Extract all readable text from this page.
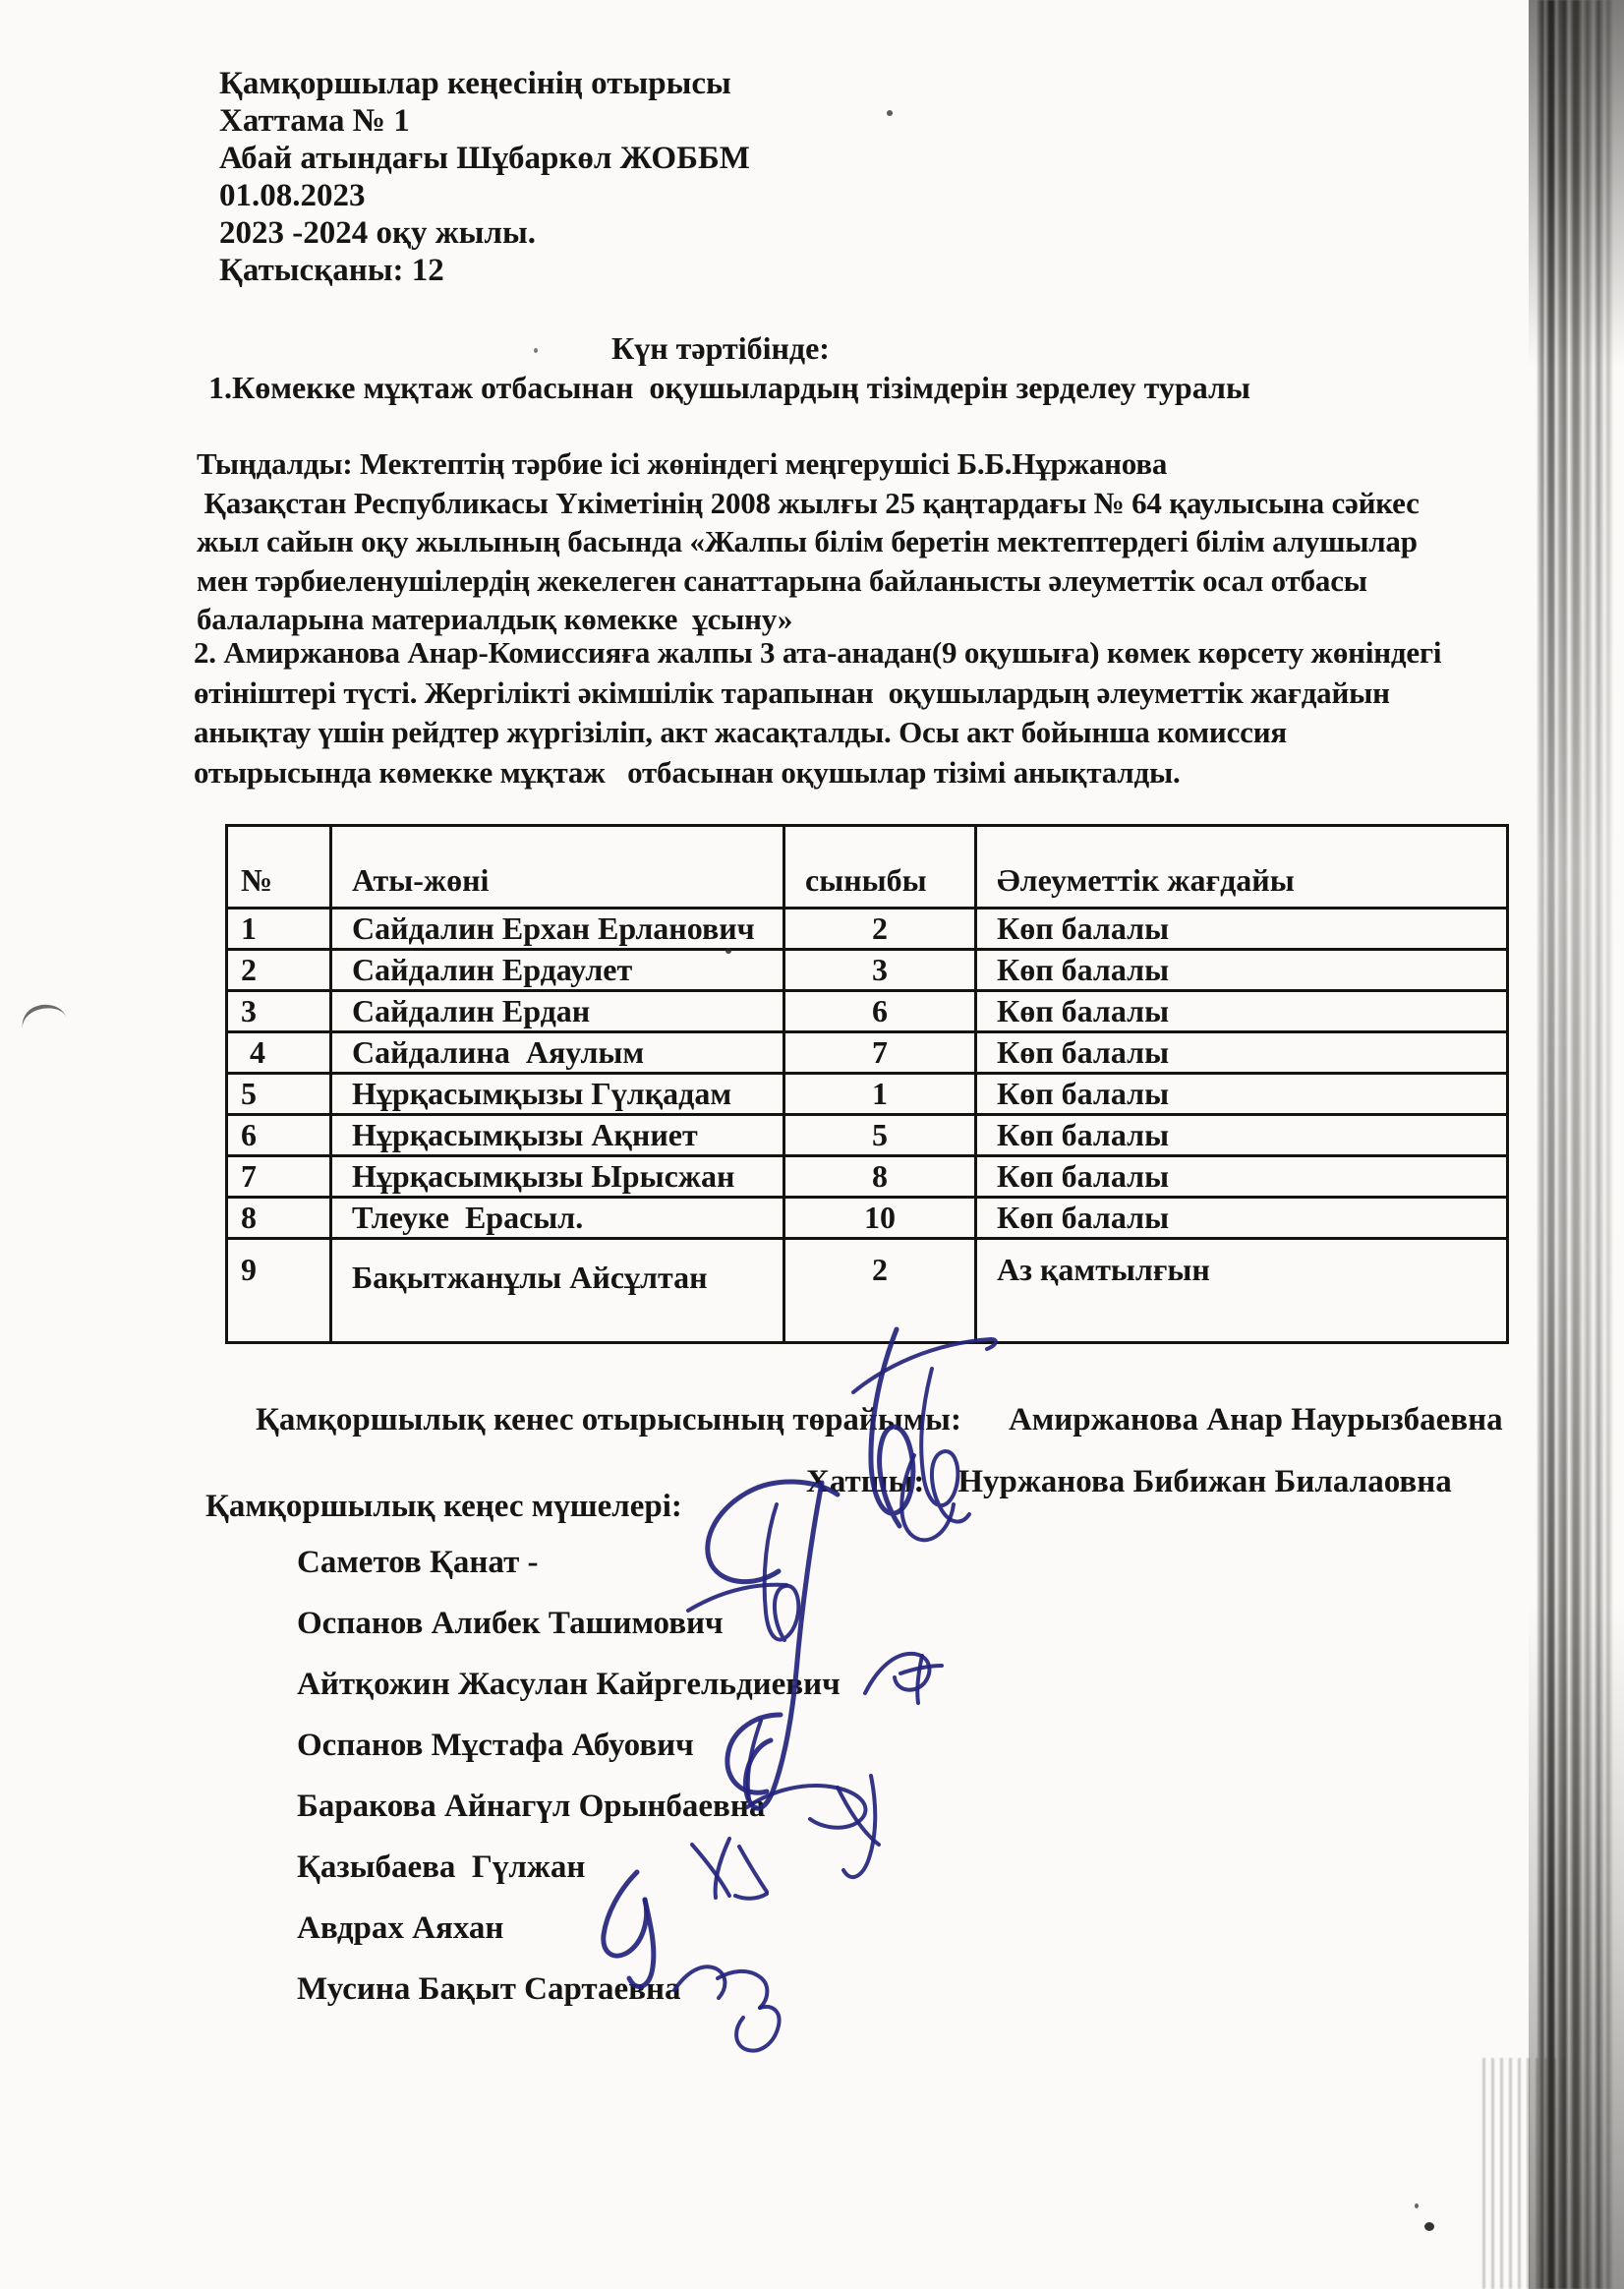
Қамқоршылар кеңесінің отырысы
Хаттама № 1
Абай атындағы Шұбаркөл ЖОББМ
01.08.2023
2023 -2024 оқу жылы.
Қатысқаны: 12
Күн тәртібінде:
1.Көмекке мұқтаж отбасынан  оқушылардың тізімдерін зерделеу туралы
Тыңдалды: Мектептің тәрбие ісі жөніндегі меңгерушісі Б.Б.Нұржанова
Қазақстан Республикасы Үкіметінің 2008 жылғы 25 қаңтардағы № 64 қаулысына сәйкес
жыл сайын оқу жылының басында «Жалпы білім беретін мектептердегі білім алушылар
мен тәрбиеленушілердің жекелеген санаттарына байланысты әлеуметтік осал отбасы
балаларына материалдық көмекке  ұсыну»
2. Амиржанова Анар-Комиссияға жалпы 3 ата-анадан(9 оқушыға) көмек көрсету жөніндегі
өтініштері түсті. Жергілікті әкімшілік тарапынан  оқушылардың әлеуметтік жағдайын
анықтау үшін рейдтер жүргізіліп, акт жасақталды. Осы акт бойынша комиссия
отырысында көмекке мұқтаж   отбасынан оқушылар тізімі анықталды.
№	Аты-жөні	сыныбы	Әлеуметтік жағдайы
1	Сайдалин Ерхан Ерланович	2	Көп балалы
2	Сайдалин Ердаулет	3	Көп балалы
3	Сайдалин Ердан	6	Көп балалы
4	Сайдалина  Аяулым	7	Көп балалы
5	Нұрқасымқызы Гүлқадам	1	Көп балалы
6	Нұрқасымқызы Ақниет	5	Көп балалы
7	Нұрқасымқызы Ырысжан	8	Көп балалы
8	Тлеуке  Ерасыл.	10	Көп балалы
9	Бақытжанұлы Айсұлтан	2	Аз қамтылғын

Қамқоршылық кенес отырысының төрайымы: Амиржанова Анар Наурызбаевна

Хатшы: Нуржанова Бибижан Билалаовна

Қамқоршылық кеңес мүшелері:
Саметов Қанат -
Оспанов Алибек Ташимович
Айтқожин Жасулан Кайргельдиевич
Оспанов Мұстафа Абуович
Баракова Айнагүл Орынбаевна
Қазыбаева  Гүлжан
Авдрах Аяхан
Мусина Бақыт Сартаевна
